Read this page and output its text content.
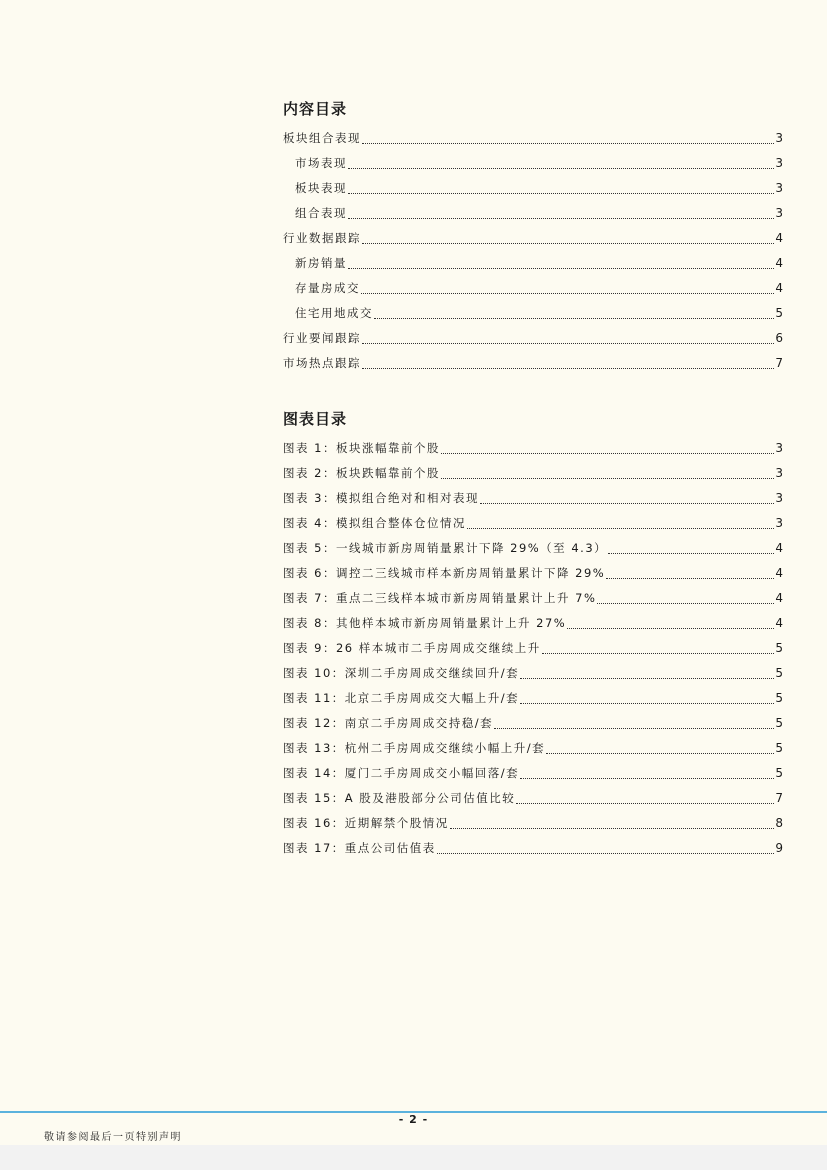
内容目录
板块组合表现	3
市场表现	3
板块表现	3
组合表现	3
行业数据跟踪	4
新房销量	4
存量房成交	4
住宅用地成交	5
行业要闻跟踪	6
市场热点跟踪	7
图表目录
图表 1：板块涨幅靠前个股	3
图表 2：板块跌幅靠前个股	3
图表 3：模拟组合绝对和相对表现	3
图表 4：模拟组合整体仓位情况	3
图表 5：一线城市新房周销量累计下降 29%（至 4.3）	4
图表 6：调控二三线城市样本新房周销量累计下降 29%	4
图表 7：重点二三线样本城市新房周销量累计上升 7%	4
图表 8：其他样本城市新房周销量累计上升 27%	4
图表 9：26 样本城市二手房周成交继续上升	5
图表 10：深圳二手房周成交继续回升/套	5
图表 11：北京二手房周成交大幅上升/套	5
图表 12：南京二手房周成交持稳/套	5
图表 13：杭州二手房周成交继续小幅上升/套	5
图表 14：厦门二手房周成交小幅回落/套	5
图表 15：A 股及港股部分公司估值比较	7
图表 16：近期解禁个股情况	8
图表 17：重点公司估值表	9
- 2 -
敬请参阅最后一页特别声明
